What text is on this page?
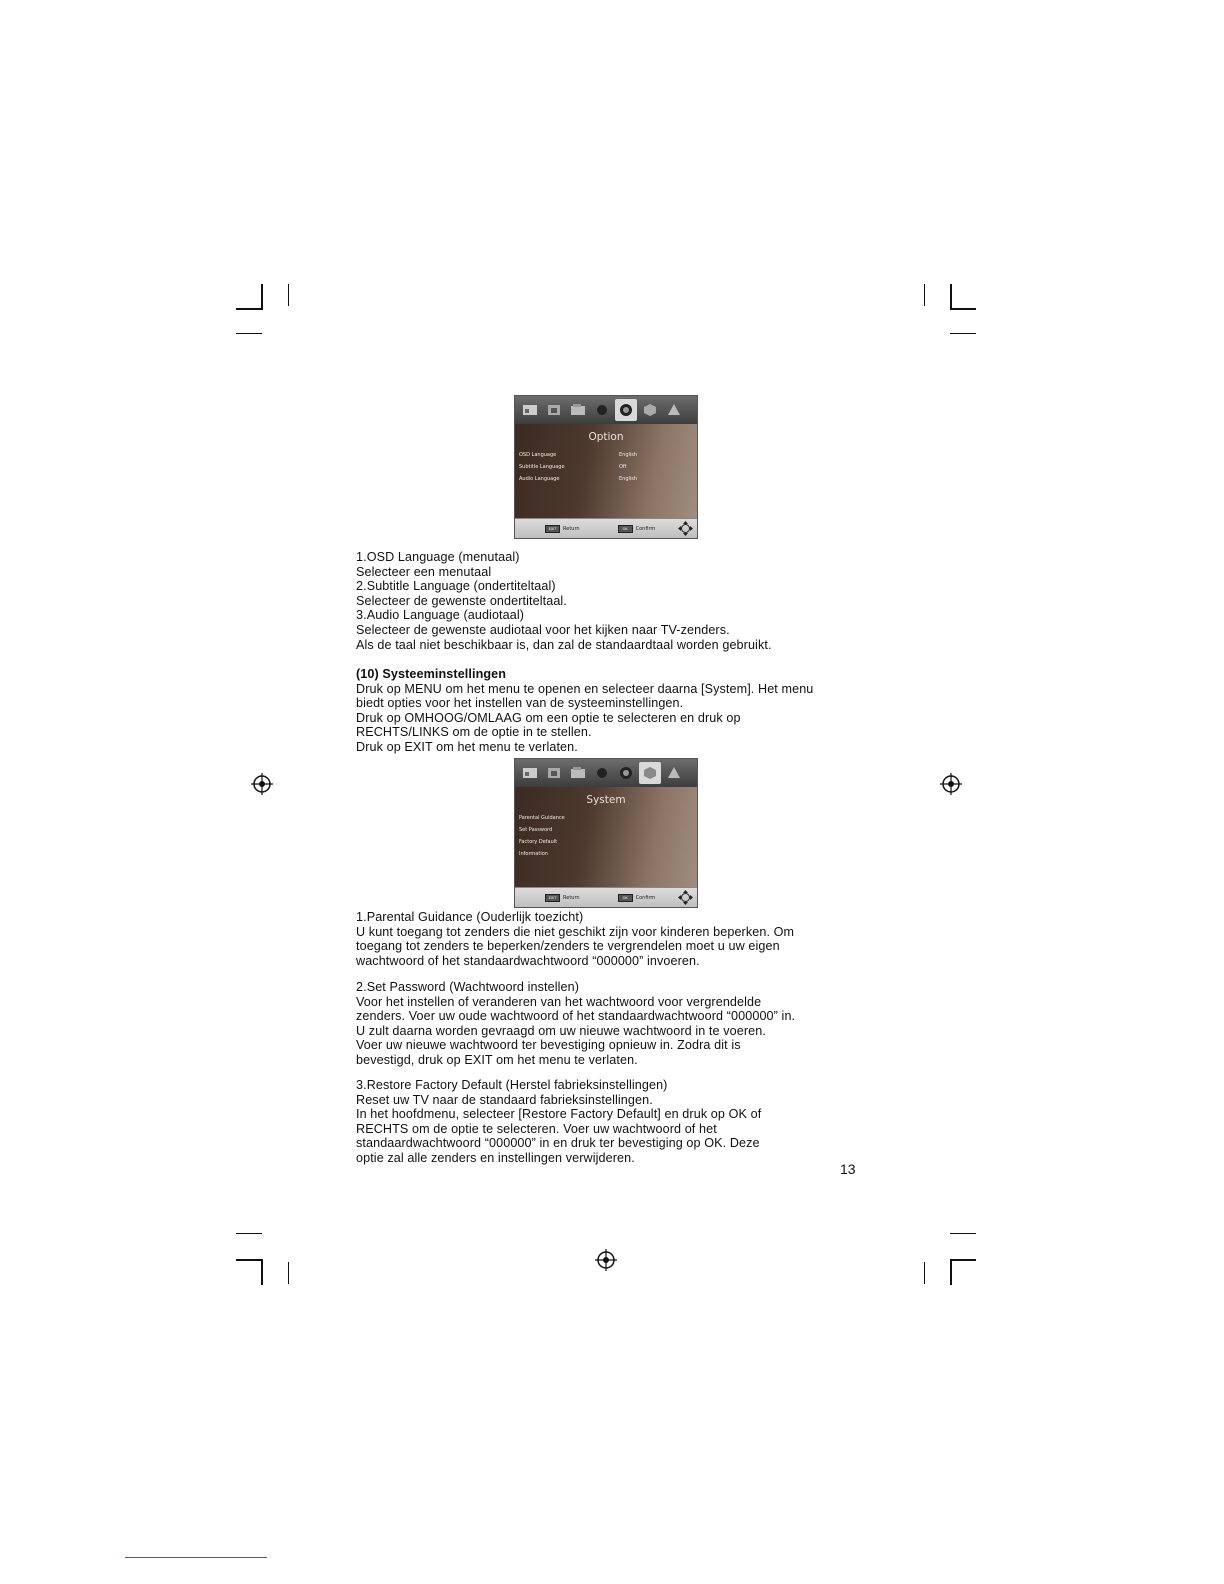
Option
OSD Language	English
Subtitle Language	Off
Audio Language	English
EXIT Return	OK Confirm

1.OSD Language (menutaal)

Selecteer een menutaal

2.Subtitle Language (ondertiteltaal)

Selecteer de gewenste ondertiteltaal.

3.Audio Language (audiotaal)

Selecteer de gewenste audiotaal voor het kijken naar TV-zenders.

Als de taal niet beschikbaar is, dan zal de standaardtaal worden gebruikt.

(10) Systeeminstellingen

Druk op MENU om het menu te openen en selecteer daarna [System]. Het menu

biedt opties voor het instellen van de systeeminstellingen.

Druk op OMHOOG/OMLAAG om een optie te selecteren en druk op

RECHTS/LINKS om de optie in te stellen.

Druk op EXIT om het menu te verlaten.

System
Parental Guidance
Set Password
Factory Default
Information
EXIT Return	OK Confirm

1.Parental Guidance (Ouderlijk toezicht)

U kunt toegang tot zenders die niet geschikt zijn voor kinderen beperken. Om

toegang tot zenders te beperken/zenders te vergrendelen moet u uw eigen

wachtwoord of het standaardwachtwoord “000000” invoeren.

2.Set Password (Wachtwoord instellen)

Voor het instellen of veranderen van het wachtwoord voor vergrendelde

zenders. Voer uw oude wachtwoord of het standaardwachtwoord “000000” in.

U zult daarna worden gevraagd om uw nieuwe wachtwoord in te voeren.

Voer uw nieuwe wachtwoord ter bevestiging opnieuw in. Zodra dit is

bevestigd, druk op EXIT om het menu te verlaten.

3.Restore Factory Default (Herstel fabrieksinstellingen)

Reset uw TV naar de standaard fabrieksinstellingen.

In het hoofdmenu, selecteer [Restore Factory Default] en druk op OK of

RECHTS om de optie te selecteren. Voer uw wachtwoord of het

standaardwachtwoord “000000” in en druk ter bevestiging op OK. Deze

optie zal alle zenders en instellingen verwijderen.

13
